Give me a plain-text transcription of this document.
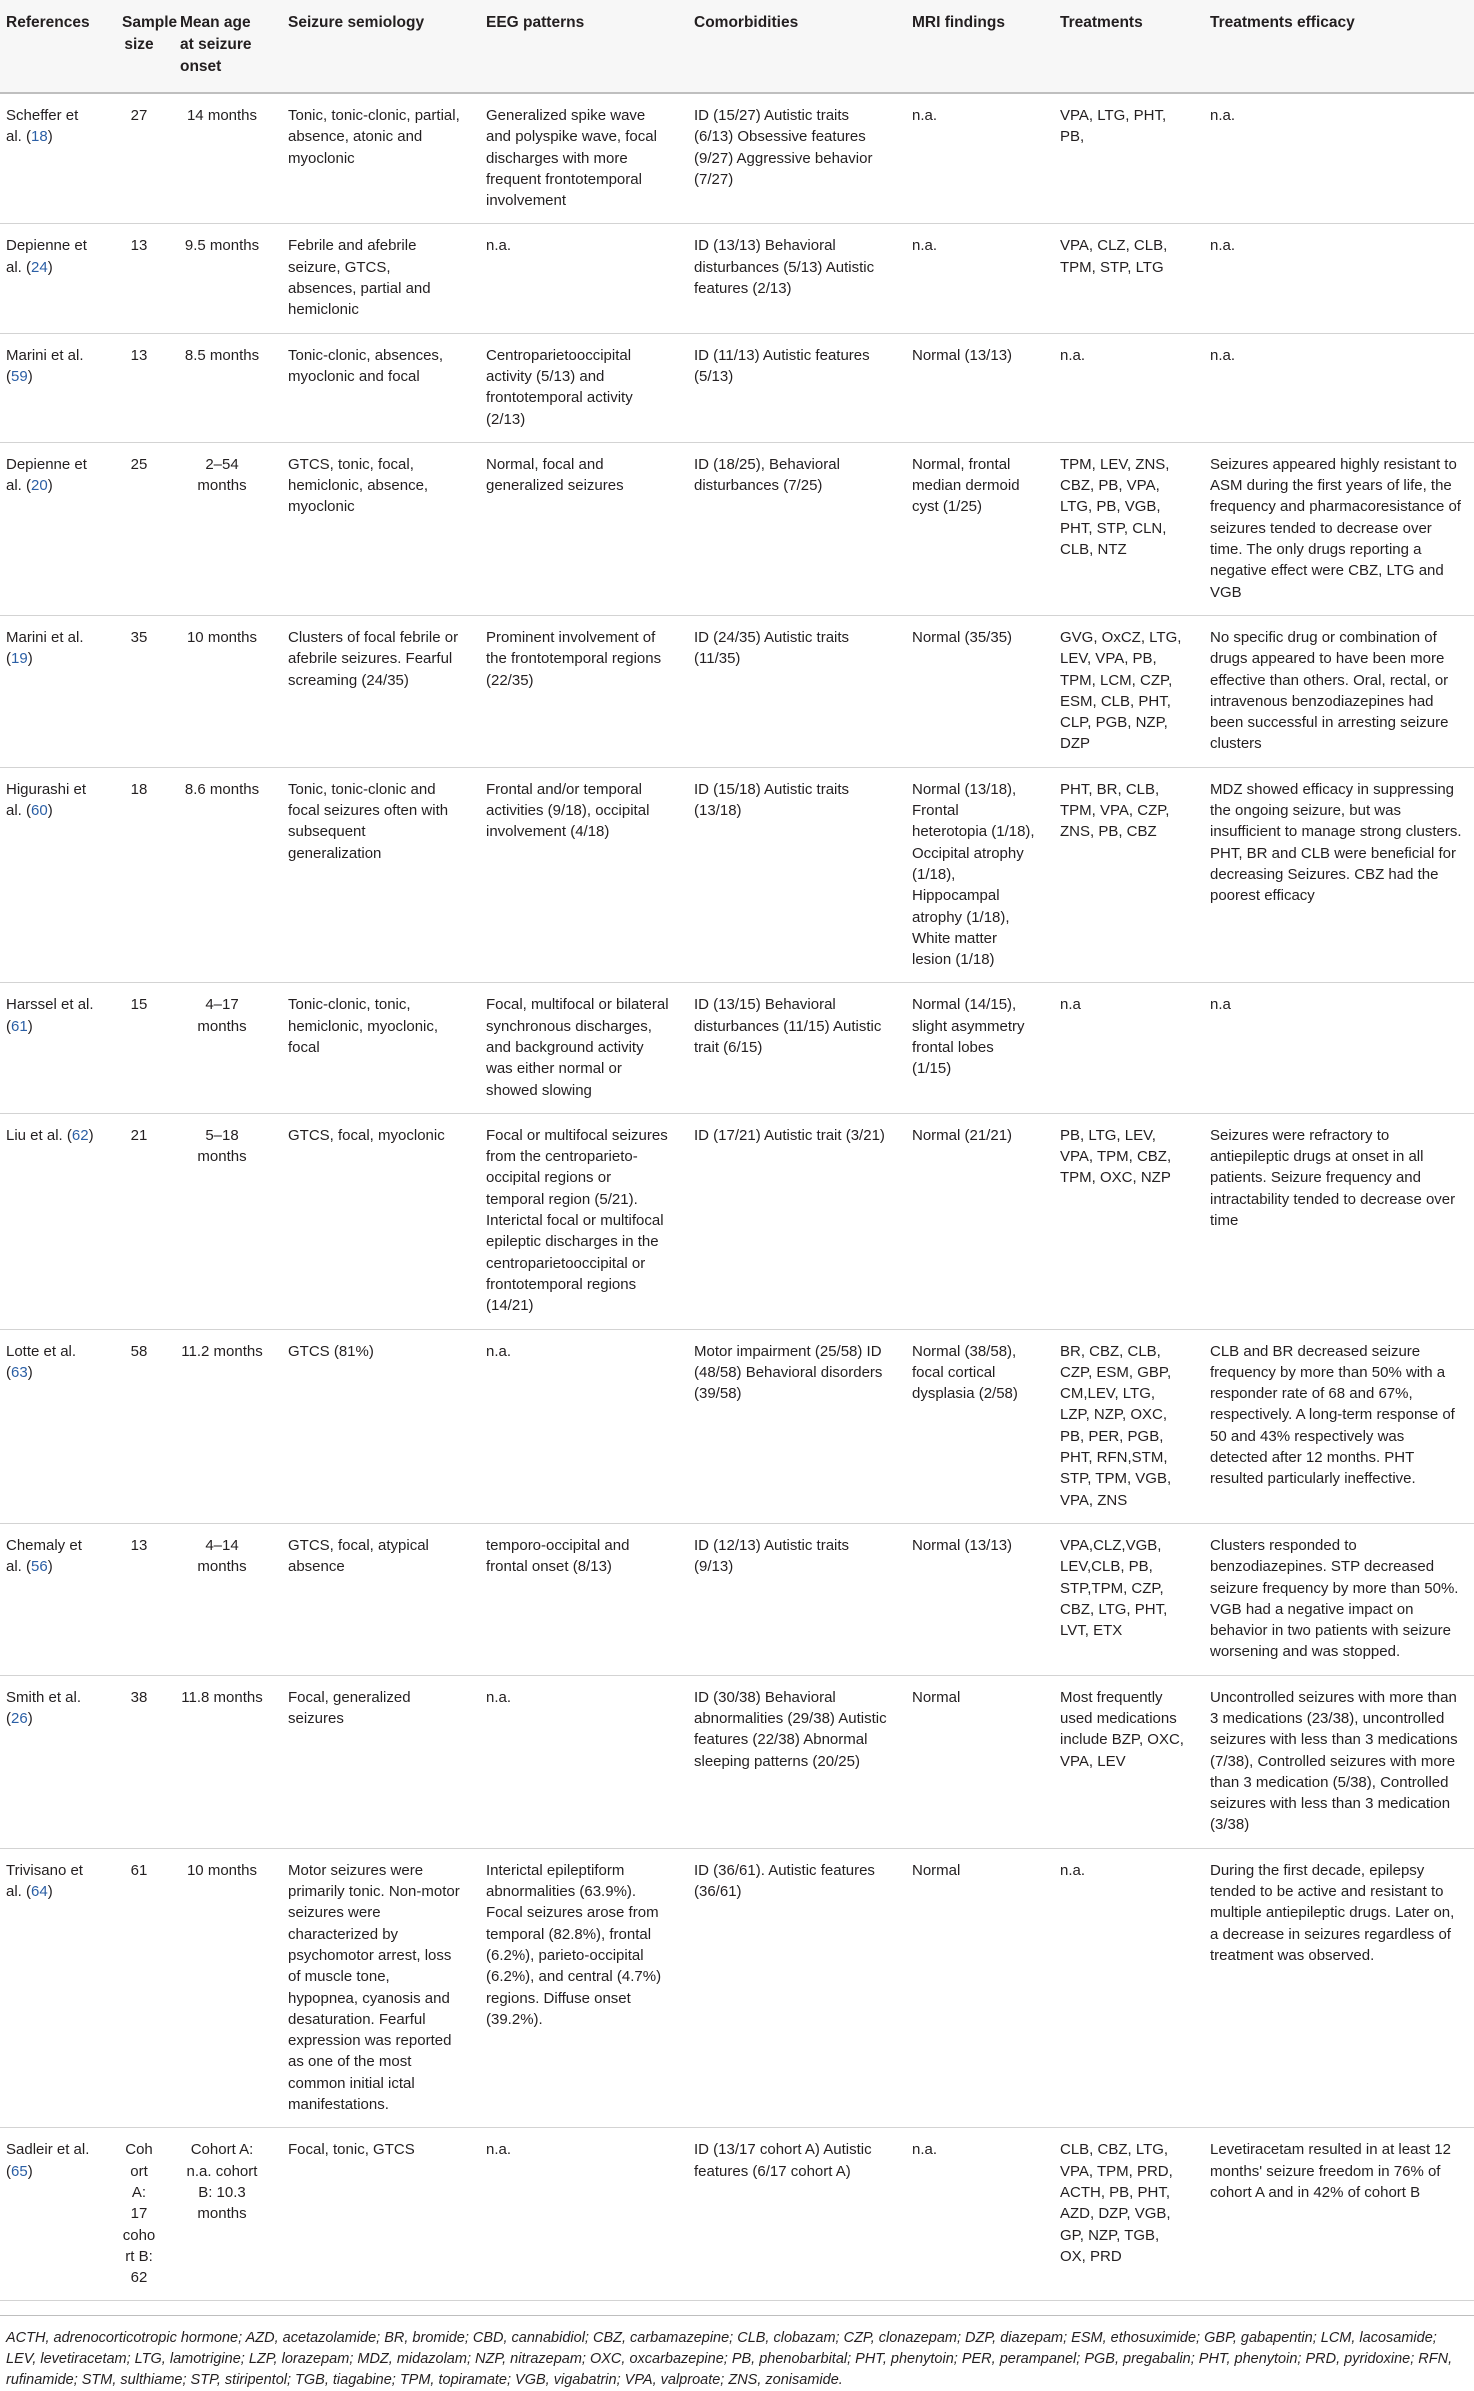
References	Sample size	Mean age at seizure onset	Seizure semiology	EEG patterns	Comorbidities	MRI findings	Treatments	Treatments efficacy
Scheffer et al. (18)	27	14 months	Tonic, tonic-clonic, partial, absence, atonic and myoclonic	Generalized spike wave and polyspike wave, focal discharges with more frequent frontotemporal involvement	ID (15/27) Autistic traits (6/13) Obsessive features (9/27) Aggressive behavior (7/27)	n.a.	VPA, LTG, PHT, PB,	n.a.
Depienne et al. (24)	13	9.5 months	Febrile and afebrile seizure, GTCS, absences, partial and hemiclonic	n.a.	ID (13/13) Behavioral disturbances (5/13) Autistic features (2/13)	n.a.	VPA, CLZ, CLB, TPM, STP, LTG	n.a.
Marini et al. (59)	13	8.5 months	Tonic-clonic, absences, myoclonic and focal	Centroparietooccipital activity (5/13) and frontotemporal activity (2/13)	ID (11/13) Autistic features (5/13)	Normal (13/13)	n.a.	n.a.
Depienne et al. (20)	25	2–54 months	GTCS, tonic, focal, hemiclonic, absence, myoclonic	Normal, focal and generalized seizures	ID (18/25), Behavioral disturbances (7/25)	Normal, frontal median dermoid cyst (1/25)	TPM, LEV, ZNS, CBZ, PB, VPA, LTG, PB, VGB, PHT, STP, CLN, CLB, NTZ	Seizures appeared highly resistant to ASM during the first years of life, the frequency and pharmacoresistance of seizures tended to decrease over time. The only drugs reporting a negative effect were CBZ, LTG and VGB
Marini et al. (19)	35	10 months	Clusters of focal febrile or afebrile seizures. Fearful screaming (24/35)	Prominent involvement of the frontotemporal regions (22/35)	ID (24/35) Autistic traits (11/35)	Normal (35/35)	GVG, OxCZ, LTG, LEV, VPA, PB, TPM, LCM, CZP, ESM, CLB, PHT, CLP, PGB, NZP, DZP	No specific drug or combination of drugs appeared to have been more effective than others. Oral, rectal, or intravenous benzodiazepines had been successful in arresting seizure clusters
Higurashi et al. (60)	18	8.6 months	Tonic, tonic-clonic and focal seizures often with subsequent generalization	Frontal and/or temporal activities (9/18), occipital involvement (4/18)	ID (15/18) Autistic traits (13/18)	Normal (13/18), Frontal heterotopia (1/18), Occipital atrophy (1/18), Hippocampal atrophy (1/18), White matter lesion (1/18)	PHT, BR, CLB, TPM, VPA, CZP, ZNS, PB, CBZ	MDZ showed efficacy in suppressing the ongoing seizure, but was insufficient to manage strong clusters. PHT, BR and CLB were beneficial for decreasing Seizures. CBZ had the poorest efficacy
Harssel et al. (61)	15	4–17 months	Tonic-clonic, tonic, hemiclonic, myoclonic, focal	Focal, multifocal or bilateral synchronous discharges, and background activity was either normal or showed slowing	ID (13/15) Behavioral disturbances (11/15) Autistic trait (6/15)	Normal (14/15), slight asymmetry frontal lobes (1/15)	n.a	n.a
Liu et al. (62)	21	5–18 months	GTCS, focal, myoclonic	Focal or multifocal seizures from the centroparieto-occipital regions or temporal region (5/21). Interictal focal or multifocal epileptic discharges in the centroparietooccipital or frontotemporal regions (14/21)	ID (17/21) Autistic trait (3/21)	Normal (21/21)	PB, LTG, LEV, VPA, TPM, CBZ, TPM, OXC, NZP	Seizures were refractory to antiepileptic drugs at onset in all patients. Seizure frequency and intractability tended to decrease over time
Lotte et al. (63)	58	11.2 months	GTCS (81%)	n.a.	Motor impairment (25/58) ID (48/58) Behavioral disorders (39/58)	Normal (38/58), focal cortical dysplasia (2/58)	BR, CBZ, CLB, CZP, ESM, GBP, CM,LEV, LTG, LZP, NZP, OXC, PB, PER, PGB, PHT, RFN,STM, STP, TPM, VGB, VPA, ZNS	CLB and BR decreased seizure frequency by more than 50% with a responder rate of 68 and 67%, respectively. A long-term response of 50 and 43% respectively was detected after 12 months. PHT resulted particularly ineffective.
Chemaly et al. (56)	13	4–14 months	GTCS, focal, atypical absence	temporo-occipital and frontal onset (8/13)	ID (12/13) Autistic traits (9/13)	Normal (13/13)	VPA,CLZ,VGB, LEV,CLB, PB, STP,TPM, CZP, CBZ, LTG, PHT, LVT, ETX	Clusters responded to benzodiazepines. STP decreased seizure frequency by more than 50%. VGB had a negative impact on behavior in two patients with seizure worsening and was stopped.
Smith et al. (26)	38	11.8 months	Focal, generalized seizures	n.a.	ID (30/38) Behavioral abnormalities (29/38) Autistic features (22/38) Abnormal sleeping patterns (20/25)	Normal	Most frequently used medications include BZP, OXC, VPA, LEV	Uncontrolled seizures with more than 3 medications (23/38), uncontrolled seizures with less than 3 medications (7/38), Controlled seizures with more than 3 medication (5/38), Controlled seizures with less than 3 medication (3/38)
Trivisano et al. (64)	61	10 months	Motor seizures were primarily tonic. Non-motor seizures were characterized by psychomotor arrest, loss of muscle tone, hypopnea, cyanosis and desaturation. Fearful expression was reported as one of the most common initial ictal manifestations.	Interictal epileptiform abnormalities (63.9%). Focal seizures arose from temporal (82.8%), frontal (6.2%), parieto-occipital (6.2%), and central (4.7%) regions. Diffuse onset (39.2%).	ID (36/61). Autistic features (36/61)	Normal	n.a.	During the first decade, epilepsy tended to be active and resistant to multiple antiepileptic drugs. Later on, a decrease in seizures regardless of treatment was observed.
Sadleir et al. (65)	Cohort A: 17 cohort B: 62	Cohort A: n.a. cohort B: 10.3 months	Focal, tonic, GTCS	n.a.	ID (13/17 cohort A) Autistic features (6/17 cohort A)	n.a.	CLB, CBZ, LTG, VPA, TPM, PRD, ACTH, PB, PHT, AZD, DZP, VGB, GP, NZP, TGB, OX, PRD	Levetiracetam resulted in at least 12 months' seizure freedom in 76% of cohort A and in 42% of cohort B
ACTH, adrenocorticotropic hormone; AZD, acetazolamide; BR, bromide; CBD, cannabidiol; CBZ, carbamazepine; CLB, clobazam; CZP, clonazepam; DZP, diazepam; ESM, ethosuximide; GBP, gabapentin; LCM, lacosamide; LEV, levetiracetam; LTG, lamotrigine; LZP, lorazepam; MDZ, midazolam; NZP, nitrazepam; OXC, oxcarbazepine; PB, phenobarbital; PHT, phenytoin; PER, perampanel; PGB, pregabalin; PHT, phenytoin; PRD, pyridoxine; RFN, rufinamide; STM, sulthiame; STP, stiripentol; TGB, tiagabine; TPM, topiramate; VGB, vigabatrin; VPA, valproate; ZNS, zonisamide.
